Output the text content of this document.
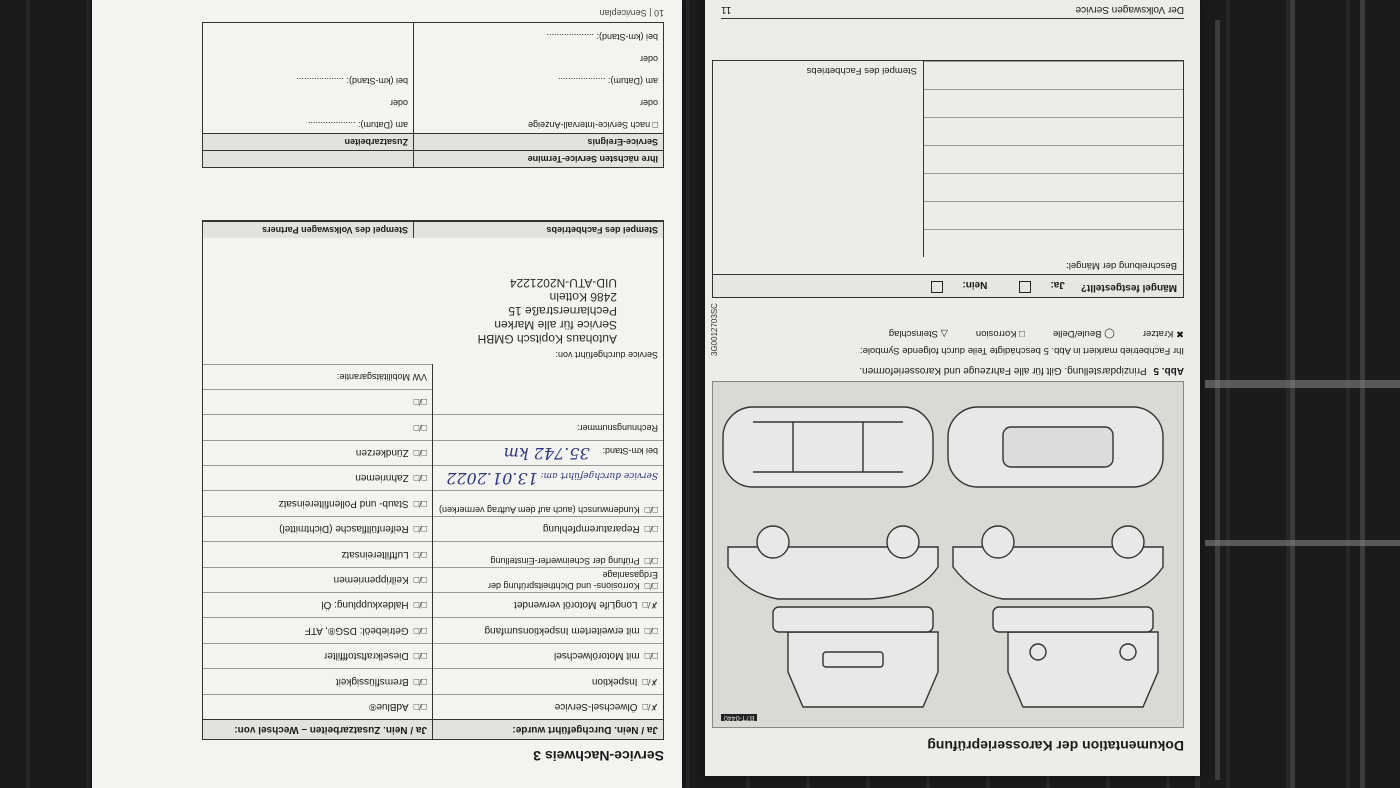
Service-Nachweis 3
Ja / Nein. Durchgeführt wurde:
✗/□Ölwechsel-Service
✗/□Inspektion
□/□mit Motorölwechsel
□/□mit erweitertem Inspektionsumfang
✗/□LongLife Motoröl verwendet
□/□Korrosions- und Dichtheitsprüfung der Erdgasanlage
□/□Prüfung der Scheinwerfer-Einstellung
□/□Reparaturempfehlung
□/□Kundenwunsch (auch auf dem Auftrag vermerken)
Service durchgeführt am: 13.01.2022
bei km-Stand: 35.742 km
Rechnungsnummer:
Ja / Nein. Zusatzarbeiten – Wechsel von:
□/□AdBlue®
□/□Bremsflüssigkeit
□/□Dieselkraftstofffilter
□/□Getriebeöl: DSG®, ATF
□/□Haldexkupplung: Öl
□/□Keilrippenriemen
□/□Luftfiltereinsatz
□/□Reifenfüllflasche (Dichtmittel)
□/□Staub- und Pollenfiltereinsatz
□/□Zahnriemen
□/□Zündkerzen
□/□
□/□
VW Mobilitätsgarantie:
Service durchgeführt von:
Autohaus Kopitsch GMBH
Service für alle Marken
Pechlarnerstraße 15
2486 Kotteln
UID-ATU-N2021224
Stempel des Fachbetriebs
Stempel des Volkswagen Partners
Ihre nächsten Service-Termine
Service-Ereignis
Zusatzarbeiten
□ nach Service-Intervall-Anzeige
oder
am (Datum): ...................
oder
bei (km-Stand): ...................
am (Datum): ...................
oder
bei (km-Stand): ...................
10 | Serviceplan
Dokumentation der Karosserieprüfung
B7T-0440
Abb. 5 Prinzipdarstellung. Gilt für alle Fahrzeuge und Karosserieformen.
Ihr Fachbetrieb markiert in Abb. 5 beschädigte Teile durch folgende Symbole:
✖ Kratzer
◯ Beule/Delle
□ Korrosion
△ Steinschlag
Mängel festgestellt?
Ja:
Nein:
Beschreibung der Mängel:
Stempel des Fachbetriebs
Der Volkswagen Service
11
3G0012703SC
